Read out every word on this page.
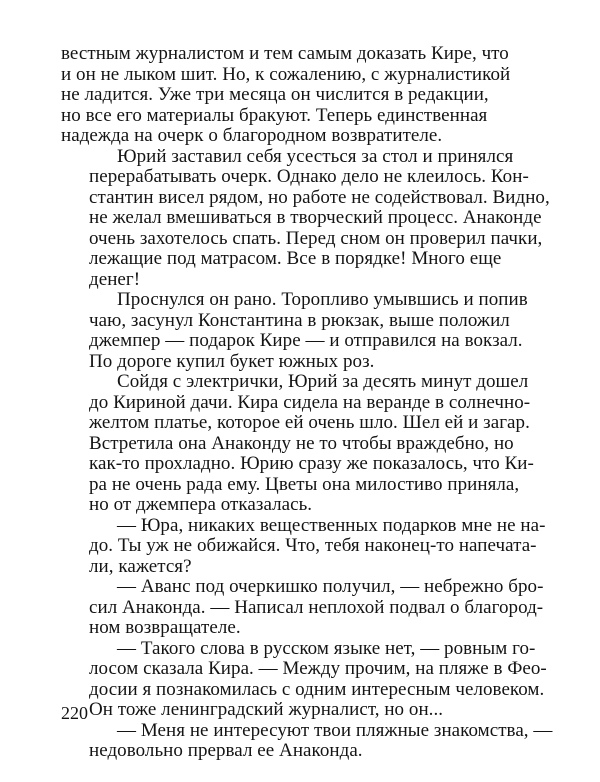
вестным журналистом и тем самым доказать Кире, что
и он не лыком шит. Но, к сожалению, с журналистикой
не ладится. Уже три месяца он числится в редакции,
но все его материалы бракуют. Теперь единственная
надежда на очерк о благородном возвратителе.

Юрий заставил себя усесться за стол и принялся
перерабатывать очерк. Однако дело не клеилось. Кон-
стантин висел рядом, но работе не содействовал. Видно,
не желал вмешиваться в творческий процесс. Анаконде
очень захотелось спать. Перед сном он проверил пачки,
лежащие под матрасом. Все в порядке! Много еще
денег!

Проснулся он рано. Торопливо умывшись и попив
чаю, засунул Константина в рюкзак, выше положил
джемпер — подарок Кире — и отправился на вокзал.
По дороге купил букет южных роз.

Сойдя с электрички, Юрий за десять минут дошел
до Кириной дачи. Кира сидела на веранде в солнечно-
желтом платье, которое ей очень шло. Шел ей и загар.
Встретила она Анаконду не то чтобы враждебно, но
как-то прохладно. Юрию сразу же показалось, что Ки-
ра не очень рада ему. Цветы она милостиво приняла,
но от джемпера отказалась.

— Юра, никаких вещественных подарков мне не на-
до. Ты уж не обижайся. Что, тебя наконец-то напечата-
ли, кажется?

— Аванс под очеркишко получил, — небрежно бро-
сил Анаконда. — Написал неплохой подвал о благород-
ном возвращателе.

— Такого слова в русском языке нет, — ровным го-
лосом сказала Кира. — Между прочим, на пляже в Фео-
досии я познакомилась с одним интересным человеком.
Он тоже ленинградский журналист, но он...

— Меня не интересуют твои пляжные знакомства, —
недовольно прервал ее Анаконда.

220
